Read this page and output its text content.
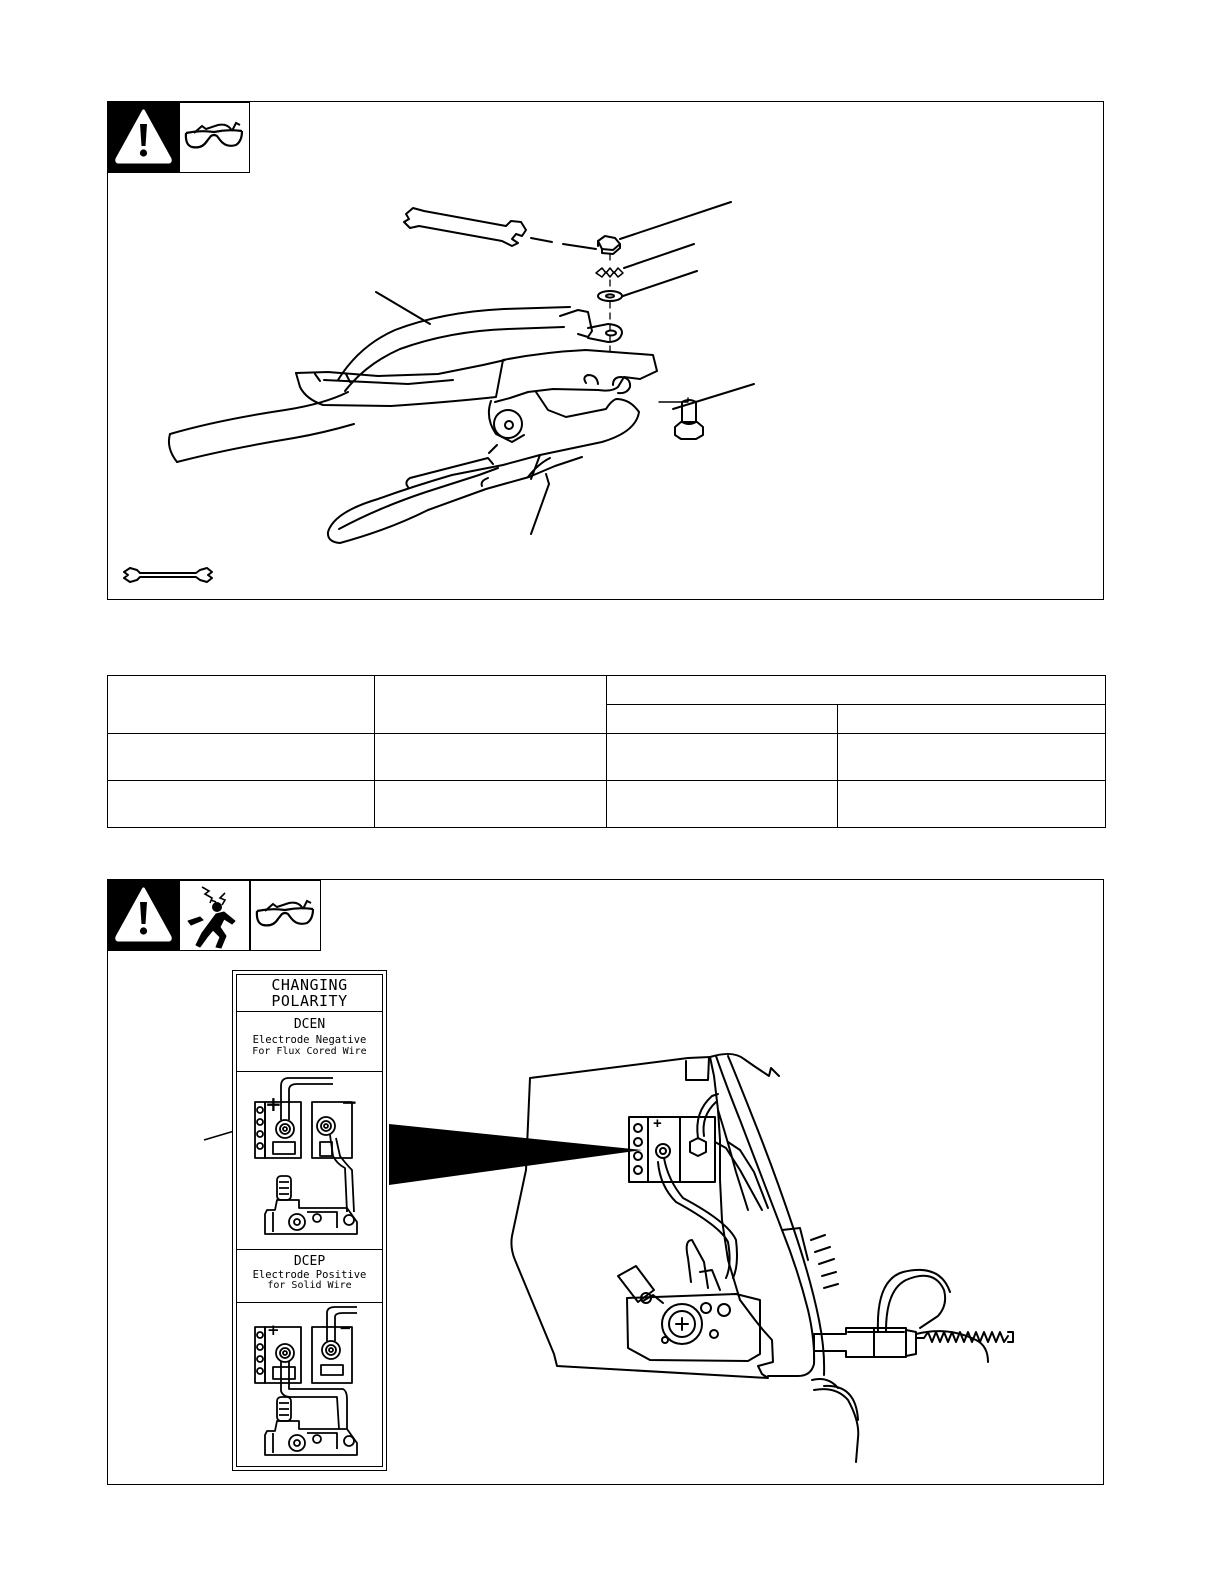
+
CHANGING
POLARITY
DCEN
Electrode Negative
For Flux Cored Wire
+	−
DCEP
Electrode Positive
for Solid Wire
+	−
